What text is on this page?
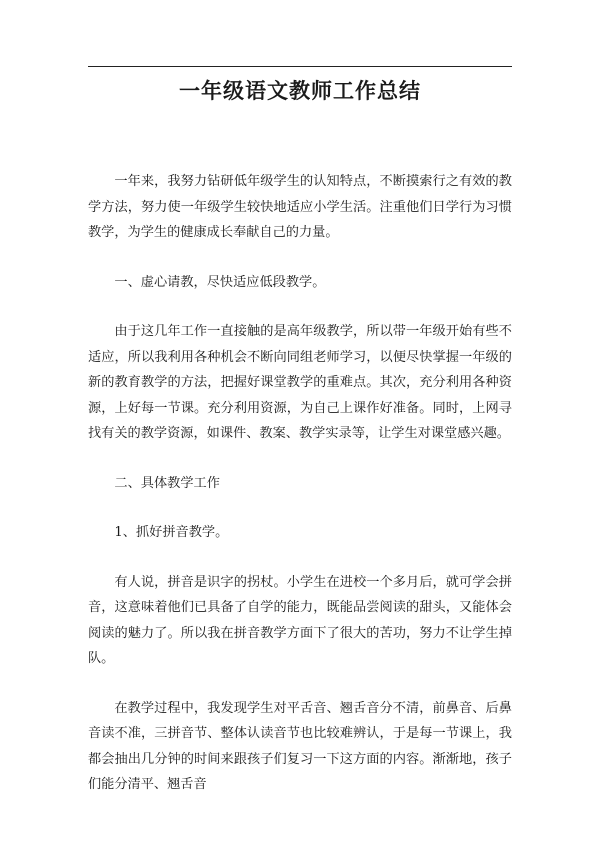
一年级语文教师工作总结

一年来，我努力钻研低年级学生的认知特点，不断摸索行之有效的教学方法，努力使一年级学生较快地适应小学生活。注重他们日学行为习惯教学，为学生的健康成长奉献自己的力量。

一、虚心请教，尽快适应低段教学。

由于这几年工作一直接触的是高年级教学，所以带一年级开始有些不适应，所以我利用各种机会不断向同组老师学习，以便尽快掌握一年级的新的教育教学的方法，把握好课堂教学的重难点。其次，充分利用各种资源，上好每一节课。充分利用资源，为自己上课作好准备。同时，上网寻找有关的教学资源，如课件、教案、教学实录等，让学生对课堂感兴趣。

二、具体教学工作

1、抓好拼音教学。

有人说，拼音是识字的拐杖。小学生在进校一个多月后，就可学会拼音，这意味着他们已具备了自学的能力，既能品尝阅读的甜头，又能体会阅读的魅力了。所以我在拼音教学方面下了很大的苦功，努力不让学生掉队。

在教学过程中，我发现学生对平舌音、翘舌音分不清，前鼻音、后鼻音读不准，三拼音节、整体认读音节也比较难辨认，于是每一节课上，我都会抽出几分钟的时间来跟孩子们复习一下这方面的内容。渐渐地，孩子们能分清平、翘舌音
